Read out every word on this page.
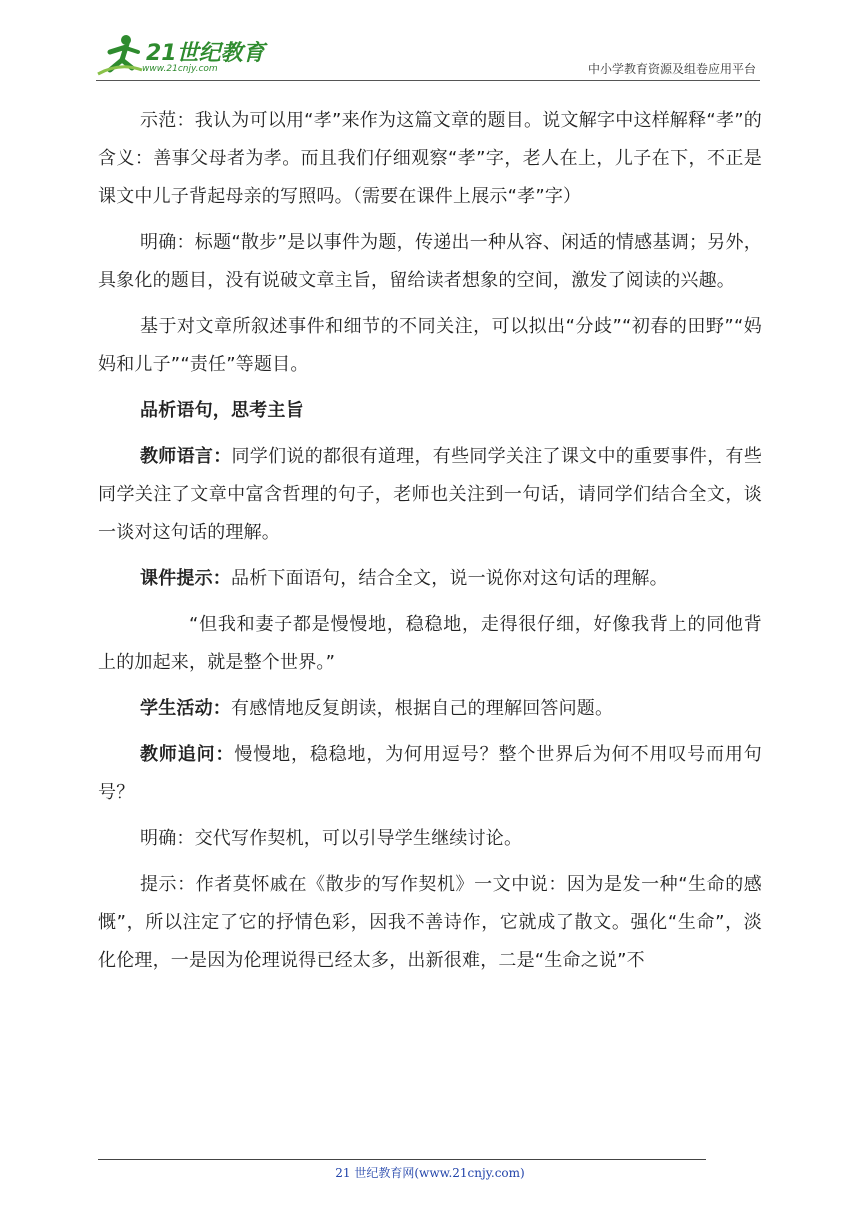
21世纪教育
www.21cnjy.com	中小学教育资源及组卷应用平台

示范：我认为可以用“孝”来作为这篇文章的题目。说文解字中这样解释“孝”的含义：善事父母者为孝。而且我们仔细观察“孝”字，老人在上，儿子在下，不正是课文中儿子背起母亲的写照吗。（需要在课件上展示“孝”字）

明确：标题“散步”是以事件为题，传递出一种从容、闲适的情感基调；另外，具象化的题目，没有说破文章主旨，留给读者想象的空间，激发了阅读的兴趣。

基于对文章所叙述事件和细节的不同关注，可以拟出“分歧”“初春的田野”“妈妈和儿子”“责任”等题目。

品析语句，思考主旨

教师语言：同学们说的都很有道理，有些同学关注了课文中的重要事件，有些同学关注了文章中富含哲理的句子，老师也关注到一句话，请同学们结合全文，谈一谈对这句话的理解。

课件提示：品析下面语句，结合全文，说一说你对这句话的理解。

“但我和妻子都是慢慢地，稳稳地，走得很仔细，好像我背上的同他背上的加起来，就是整个世界。”

学生活动：有感情地反复朗读，根据自己的理解回答问题。

教师追问：慢慢地，稳稳地，为何用逗号？整个世界后为何不用叹号而用句号？

明确：交代写作契机，可以引导学生继续讨论。

提示：作者莫怀戚在《散步的写作契机》一文中说：因为是发一种“生命的感慨”，所以注定了它的抒情色彩，因我不善诗作，它就成了散文。强化“生命”，淡化伦理，一是因为伦理说得已经太多，出新很难，二是“生命之说”不

21 世纪教育网(www.21cnjy.com)
